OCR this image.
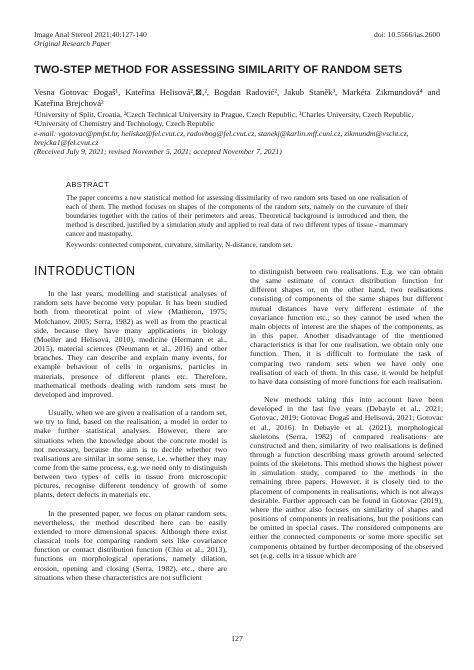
Image Anal Stereol 2021;40:127-140
Original Research Paper
doi: 10.5566/ias.2600
TWO-STEP METHOD FOR ASSESSING SIMILARITY OF RANDOM SETS
Vesna Gotovac Đogaš¹, Kateřina Helisová²,⊠,², Bogdan Radović², Jakub Staněk³, Markéta Zikmundová⁴ and Kateřina Brejchová²
¹University of Split, Croatia, ²Czech Technical University in Prague, Czech Republic, ³Charles University, Czech Republic, ⁴University of Chemistry and Technology, Czech Republic
e-mail: vgotovac@pmfst.hr, heliskat@fel.cvut.cz, radovbog@fel.cvut.cz, stanekj@karlin.mff.cuni.cz, zikmundm@vscht.cz, brejcka1@fel.cvut.cz
(Received July 9, 2021; revised November 5, 2021; accepted November 7, 2021)
ABSTRACT
The paper concerns a new statistical method for assessing dissimilarity of two random sets based on one realisation of each of them. The method focuses on shapes of the components of the random sets, namely on the curvature of their boundaries together with the ratios of their perimeters and areas. Theoretical background is introduced and then, the method is described, justified by a simulation study and applied to real data of two different types of tissue - mammary cancer and mastopathy.
Keywords: connected component, curvature, similarity, N-distance, random set.
INTRODUCTION

In the last years, modelling and statistical analyses of random sets have become very popular. It has been studied both from theoretical point of view (Matheron, 1975; Molchanov, 2005; Serra, 1982) as well as from the practical side, because they have many applications in biology (Moeller and Helisová, 2010), medicine (Hermann et al., 2015), material sciences (Neumann et al., 2016) and other branches. They can describe and explain many events, for example behaviour of cells in organisms, particles in materials, presence of different plants etc. Therefore, mathematical methods dealing with random sets must be developed and improved.

Usually, when we are given a realisation of a random set, we try to find, based on the realisation, a model in order to make further statistical analyses. However, there are situations when the knowledge about the concrete model is not necessary, because the aim is to decide whether two realisations are similar in some sense, i.e. whether they may come from the same process, e.g. we need only to distinguish between two types of cells in tissue from microscopic pictures, recognise different tendency of growth of some plants, detect defects in materials etc.

In the presented paper, we focus on planar random sets, nevertheless, the method described here can be easily extended to more dimensional spaces. Although there exist classical tools for comparing random sets like covariance function or contact distribution function (Chiu et al., 2013), functions on morphological operations, namely dilation, erosion, opening and closing (Serra, 1982), etc., there are situations when these characteristics are not sufficient

to distinguish between two realisations. E.g. we can obtain the same estimate of contact distribution function for different shapes or, on the other hand, two realisations consisting of components of the same shapes but different mutual distances have very different estimate of the covariance function etc., so they cannot be used when the main objects of interest are the shapes of the components, as in this paper. Another disadvantage of the mentioned characteristics is that for one realisation, we obtain only one function. Then, it is difficult to formulate the task of comparing two random sets when we have only one realisation of each of them. In this case, it would be helpful to have data consisting of more functions for each realisation.

New methods taking this into account have been developed in the last five years (Debayle et al., 2021; Gotovac, 2019; Gotovac Đogaš and Helisová, 2021; Gotovac et al., 2016). In Debayle et al. (2021), morphological skeletons (Serra, 1982) of compared realisations are constructed and then, similarity of two realisations is defined through a function describing mass growth around selected points of the skeletons. This method shows the highest power in simulation study, compared to the methods in the remaining three papers. However, it is closely tied to the placement of components in realisations, which is not always desirable. Further approach can be found in Gotovac (2019), where the author also focuses on similarity of shapes and positions of components in realisations, but the positions can be omitted in special cases. The considered components are either the connected components or some more specific set components obtained by further decomposing of the observed set (e.g. cells in a tissue which are

127
